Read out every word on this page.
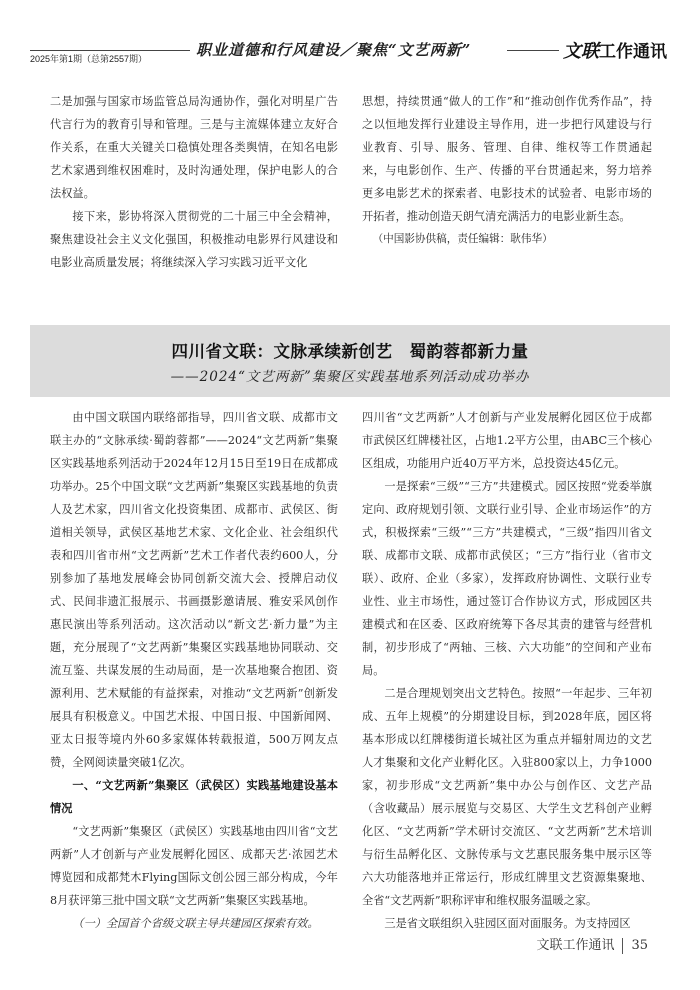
2025年第1期（总第2557期）	职业道德和行风建设／聚焦“文艺两新”	文联工作通讯

二是加强与国家市场监管总局沟通协作，强化对明星广告代言行为的教育引导和管理。三是与主流媒体建立友好合作关系，在重大关键关口稳慎处理各类舆情，在知名电影艺术家遇到维权困难时，及时沟通处理，保护电影人的合法权益。

接下来，影协将深入贯彻党的二十届三中全会精神，聚焦建设社会主义文化强国，积极推动电影界行风建设和电影业高质量发展；将继续深入学习实践习近平文化

思想，持续贯通“做人的工作”和“推动创作优秀作品”，持之以恒地发挥行业建设主导作用，进一步把行风建设与行业教育、引导、服务、管理、自律、维权等工作贯通起来，与电影创作、生产、传播的平台贯通起来，努力培养更多电影艺术的探索者、电影技术的试验者、电影市场的开拓者，推动创造天朗气清充满活力的电影业新生态。

（中国影协供稿，责任编辑：耿伟华）

四川省文联：文脉承续新创艺　蜀韵蓉都新力量
——2024“文艺两新”集聚区实践基地系列活动成功举办

由中国文联国内联络部指导，四川省文联、成都市文联主办的“文脉承续·蜀韵蓉都”——2024“文艺两新”集聚区实践基地系列活动于2024年12月15日至19日在成都成功举办。25个中国文联“文艺两新”集聚区实践基地的负责人及艺术家，四川省文化投资集团、成都市、武侯区、街道相关领导，武侯区基地艺术家、文化企业、社会组织代表和四川省市州“文艺两新”艺术工作者代表约600人，分别参加了基地发展峰会协同创新交流大会、授牌启动仪式、民间非遗汇报展示、书画摄影邀请展、雅安采风创作惠民演出等系列活动。这次活动以“新文艺·新力量”为主题，充分展现了“文艺两新”集聚区实践基地协同联动、交流互鉴、共谋发展的生动局面，是一次基地聚合抱团、资源利用、艺术赋能的有益探索，对推动“文艺两新”创新发展具有积极意义。中国艺术报、中国日报、中国新闻网、亚太日报等境内外60多家媒体转载报道，500万网友点赞，全网阅读量突破1亿次。

一、“文艺两新”集聚区（武侯区）实践基地建设基本情况

“文艺两新”集聚区（武侯区）实践基地由四川省“文艺两新”人才创新与产业发展孵化园区、成都天艺·浓园艺术博览园和成都梵木Flying国际文创公园三部分构成，今年8月获评第三批中国文联“文艺两新”集聚区实践基地。

（一）全国首个省级文联主导共建园区探索有效。

四川省“文艺两新”人才创新与产业发展孵化园区位于成都市武侯区红牌楼社区，占地1.2平方公里，由ABC三个核心区组成，功能用户近40万平方米，总投资达45亿元。

一是探索“三级”“三方”共建模式。园区按照“党委举旗定向、政府规划引领、文联行业引导、企业市场运作”的方式，积极探索“三级”“三方”共建模式，“三级”指四川省文联、成都市文联、成都市武侯区；“三方”指行业（省市文联）、政府、企业（多家），发挥政府协调性、文联行业专业性、业主市场性，通过签订合作协议方式，形成园区共建模式和在区委、区政府统筹下各尽其责的建管与经营机制，初步形成了“两轴、三核、六大功能”的空间和产业布局。

二是合理规划突出文艺特色。按照“一年起步、三年初成、五年上规模”的分期建设目标，到2028年底，园区将基本形成以红牌楼街道长城社区为重点并辐射周边的文艺人才集聚和文化产业孵化区。入驻800家以上，力争1000家，初步形成“文艺两新”集中办公与创作区、文艺产品（含收藏品）展示展览与交易区、大学生文艺科创产业孵化区、“文艺两新”学术研讨交流区、“文艺两新”艺术培训与衍生品孵化区、文脉传承与文艺惠民服务集中展示区等六大功能落地并正常运行，形成红牌里文艺资源集聚地、全省“文艺两新”职称评审和维权服务温暖之家。

三是省文联组织入驻园区面对面服务。为支持园区

文联工作通讯 35
